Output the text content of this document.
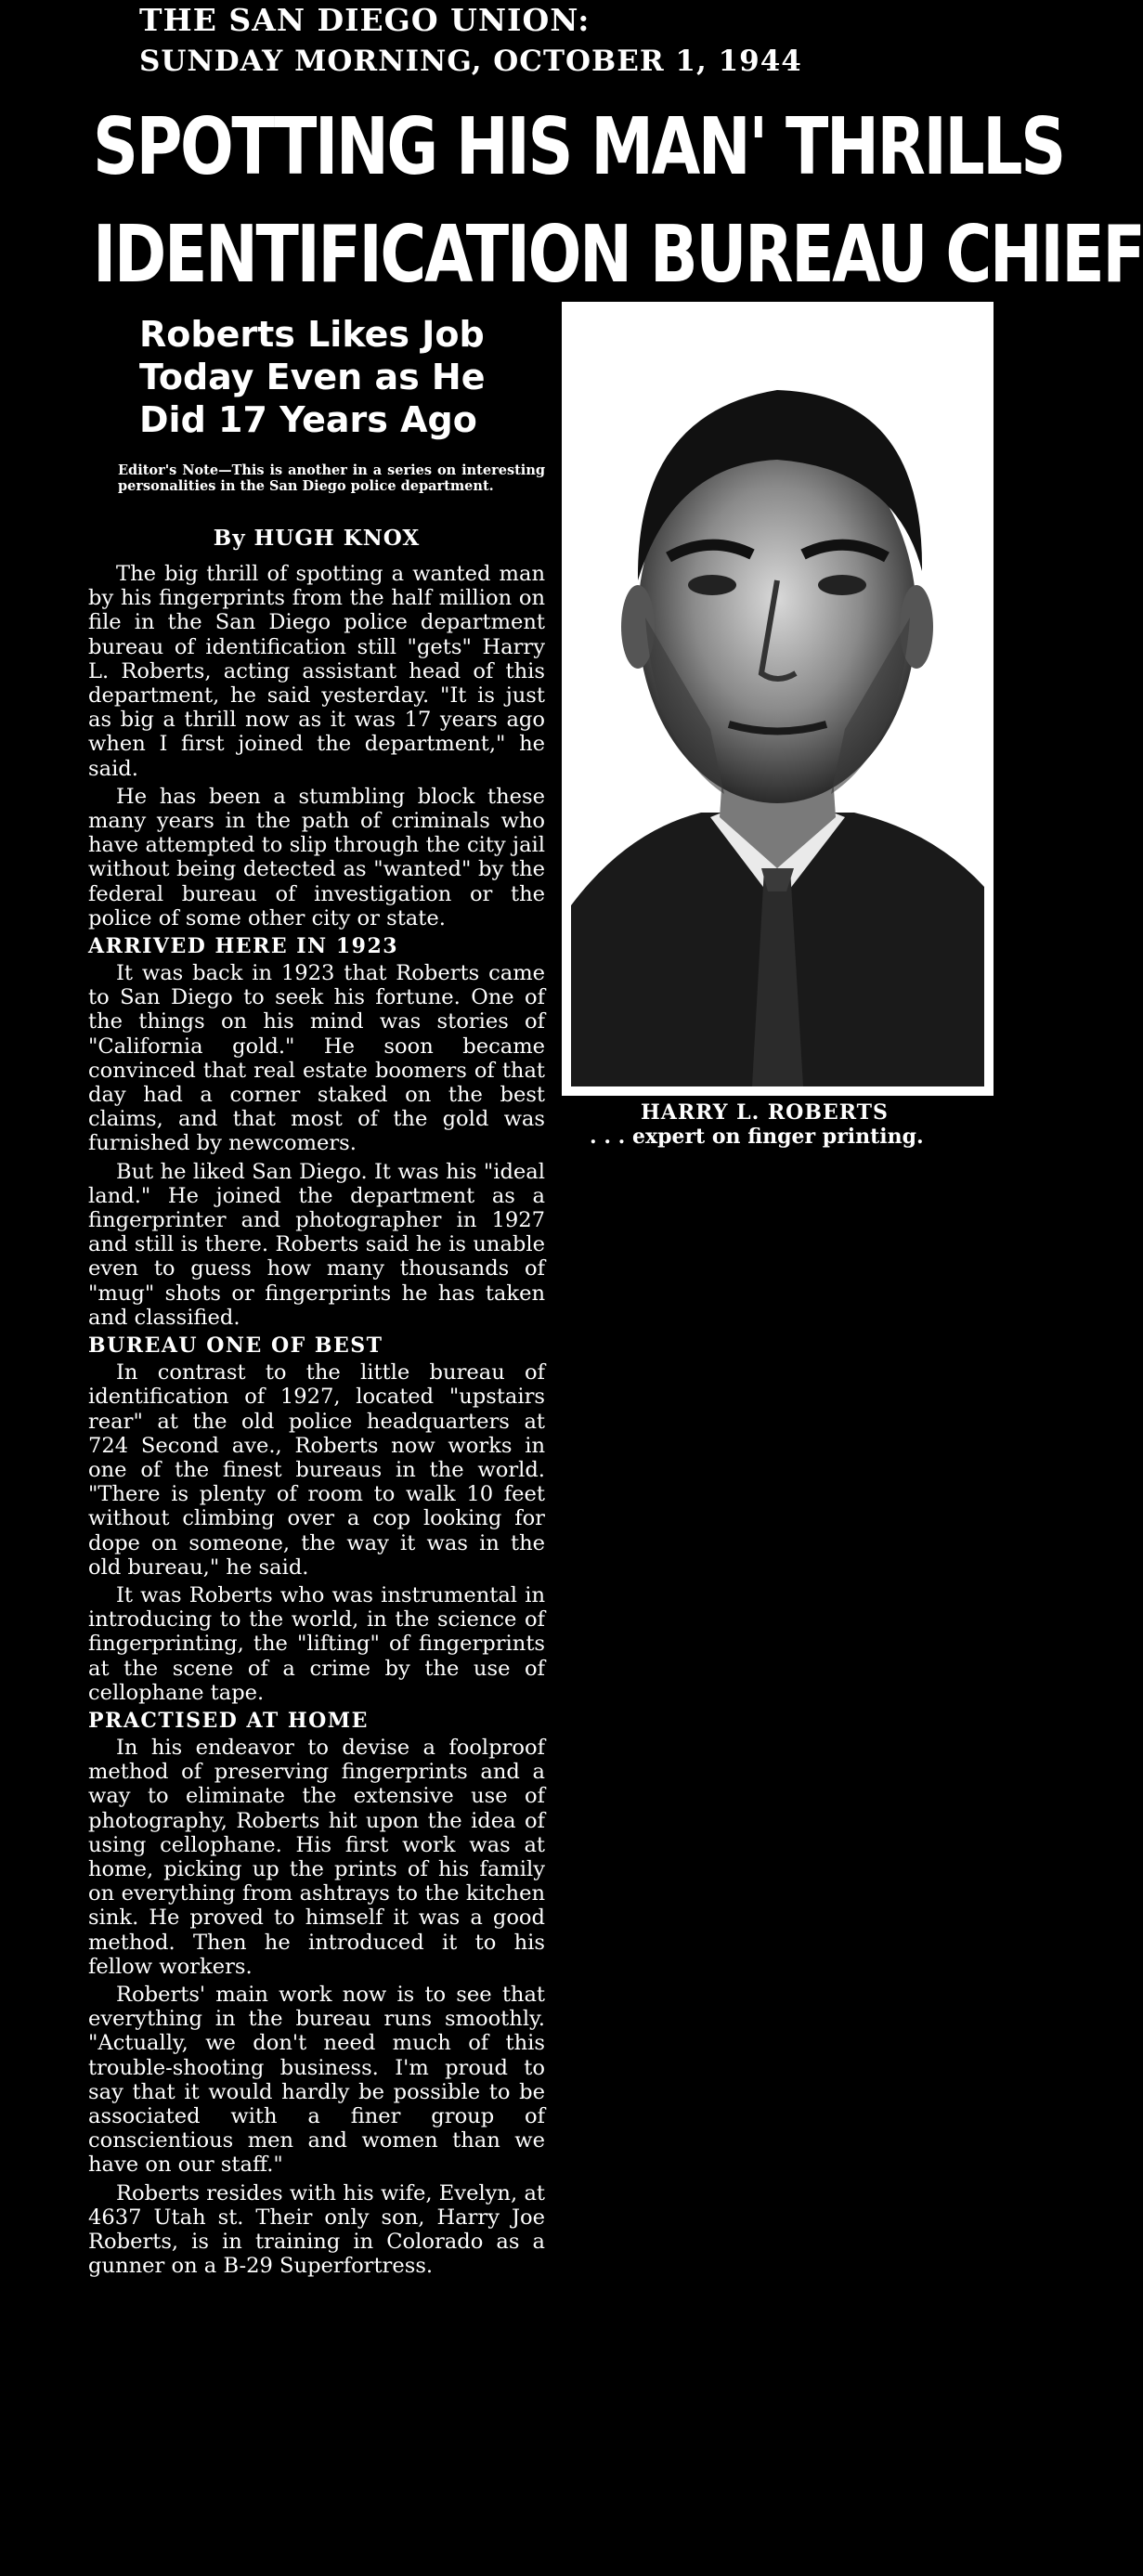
THE SAN DIEGO UNION:
SUNDAY MORNING, OCTOBER 1, 1944
SPOTTING HIS MAN' THRILLS
IDENTIFICATION BUREAU CHIEF
Roberts Likes Job Today Even as He Did 17 Years Ago
Editor's Note—This is another in a series on interesting personalities in the San Diego police department.
By HUGH KNOX

The big thrill of spotting a wanted man by his fingerprints from the half million on file in the San Diego police department bureau of identification still "gets" Harry L. Roberts, acting assistant head of this department, he said yesterday. "It is just as big a thrill now as it was 17 years ago when I first joined the department," he said.

He has been a stumbling block these many years in the path of criminals who have attempted to slip through the city jail without being detected as "wanted" by the federal bureau of investigation or the police of some other city or state.

ARRIVED HERE IN 1923

It was back in 1923 that Roberts came to San Diego to seek his fortune. One of the things on his mind was stories of "California gold." He soon became convinced that real estate boomers of that day had a corner staked on the best claims, and that most of the gold was furnished by newcomers.

But he liked San Diego. It was his "ideal land." He joined the department as a fingerprinter and photographer in 1927 and still is there. Roberts said he is unable even to guess how many thousands of "mug" shots or fingerprints he has taken and classified.

BUREAU ONE OF BEST

In contrast to the little bureau of identification of 1927, located "upstairs rear" at the old police headquarters at 724 Second ave., Roberts now works in one of the finest bureaus in the world. "There is plenty of room to walk 10 feet without climbing over a cop looking for dope on someone, the way it was in the old bureau," he said.

It was Roberts who was instrumental in introducing to the world, in the science of fingerprinting, the "lifting" of fingerprints at the scene of a crime by the use of cellophane tape.

PRACTISED AT HOME

In his endeavor to devise a foolproof method of preserving fingerprints and a way to eliminate the extensive use of photography, Roberts hit upon the idea of using cellophane. His first work was at home, picking up the prints of his family on everything from ashtrays to the kitchen sink. He proved to himself it was a good method. Then he introduced it to his fellow workers.

Roberts' main work now is to see that everything in the bureau runs smoothly. "Actually, we don't need much of this trouble-shooting business. I'm proud to say that it would hardly be possible to be associated with a finer group of conscientious men and women than we have on our staff."

Roberts resides with his wife, Evelyn, at 4637 Utah st. Their only son, Harry Joe Roberts, is in training in Colorado as a gunner on a B-29 Superfortress.

HARRY L. ROBERTS
. . . expert on finger printing.
